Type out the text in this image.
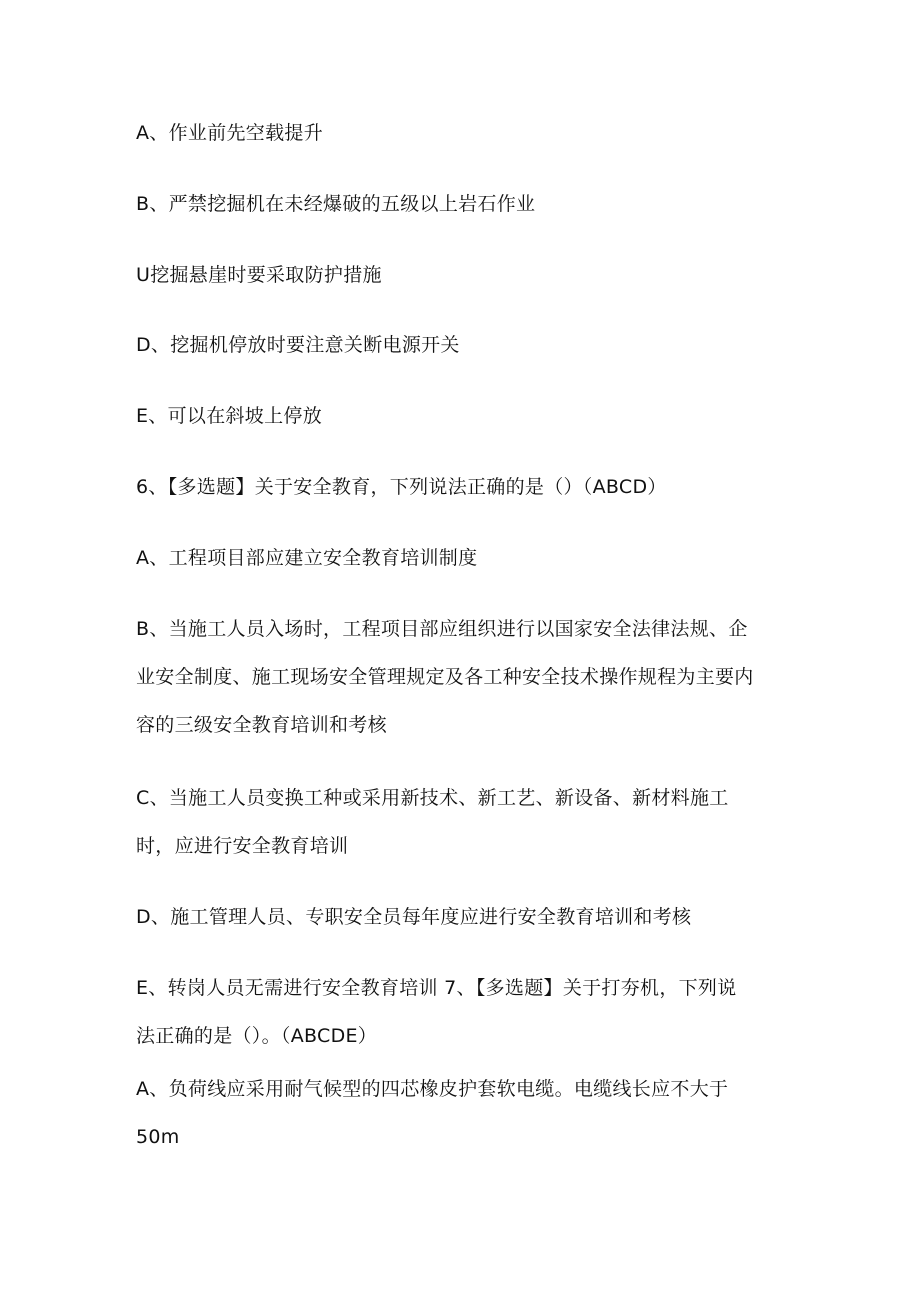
A、作业前先空载提升
B、严禁挖掘机在未经爆破的五级以上岩石作业
U挖掘悬崖时要采取防护措施
D、挖掘机停放时要注意关断电源开关
E、可以在斜坡上停放
6、【多选题】关于安全教育，下列说法正确的是（）（ABCD）
A、工程项目部应建立安全教育培训制度
B、当施工人员入场时，工程项目部应组织进行以国家安全法律法规、企
业安全制度、施工现场安全管理规定及各工种安全技术操作规程为主要内
容的三级安全教育培训和考核
C、当施工人员变换工种或采用新技术、新工艺、新设备、新材料施工
时，应进行安全教育培训
D、施工管理人员、专职安全员每年度应进行安全教育培训和考核
E、转岗人员无需进行安全教育培训 7、【多选题】关于打夯机，下列说
法正确的是（）。（ABCDE）
A、负荷线应采用耐气候型的四芯橡皮护套软电缆。电缆线长应不大于
50m
